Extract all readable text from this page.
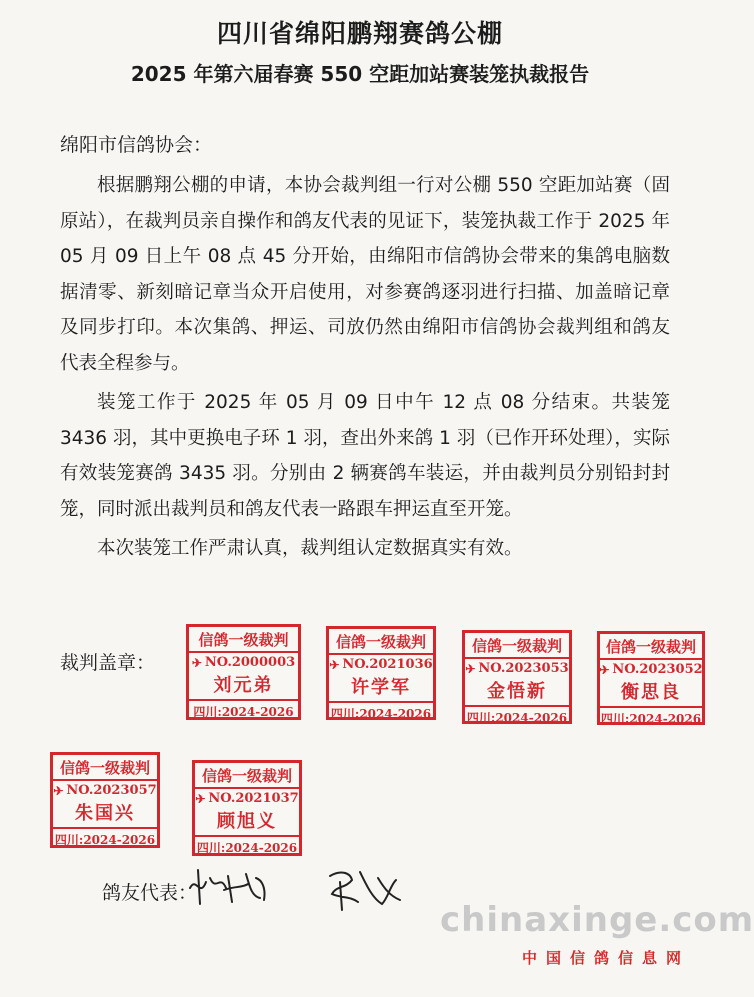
四川省绵阳鹏翔赛鸽公棚
2025 年第六届春赛 550 空距加站赛装笼执裁报告
绵阳市信鸽协会：

根据鹏翔公棚的申请，本协会裁判组一行对公棚 550 空距加站赛（固原站），在裁判员亲自操作和鸽友代表的见证下，装笼执裁工作于 2025 年 05 月 09 日上午 08 点 45 分开始，由绵阳市信鸽协会带来的集鸽电脑数据清零、新刻暗记章当众开启使用，对参赛鸽逐羽进行扫描、加盖暗记章及同步打印。本次集鸽、押运、司放仍然由绵阳市信鸽协会裁判组和鸽友代表全程参与。

装笼工作于 2025 年 05 月 09 日中午 12 点 08 分结束。共装笼 3436 羽，其中更换电子环 1 羽，查出外来鸽 1 羽（已作开环处理），实际有效装笼赛鸽 3435 羽。分别由 2 辆赛鸽车装运，并由裁判员分别铅封封笼，同时派出裁判员和鸽友代表一路跟车押运直至开笼。

本次装笼工作严肃认真，裁判组认定数据真实有效。

裁判盖章：
信鸽一级裁判
✈ NO.2000003
刘元弟
四川:2024-2026
信鸽一级裁判
✈ NO.2021036
许学军
四川:2024-2026
信鸽一级裁判
✈ NO.2023053
金悟新
四川:2024-2026
信鸽一级裁判
✈ NO.2023052
衡思良
四川:2024-2026
信鸽一级裁判
✈ NO.2023057
朱国兴
四川:2024-2026
信鸽一级裁判
✈ NO.2021037
顾旭义
四川:2024-2026
鸽友代表：
chinaxinge.com
中国信鸽信息网
